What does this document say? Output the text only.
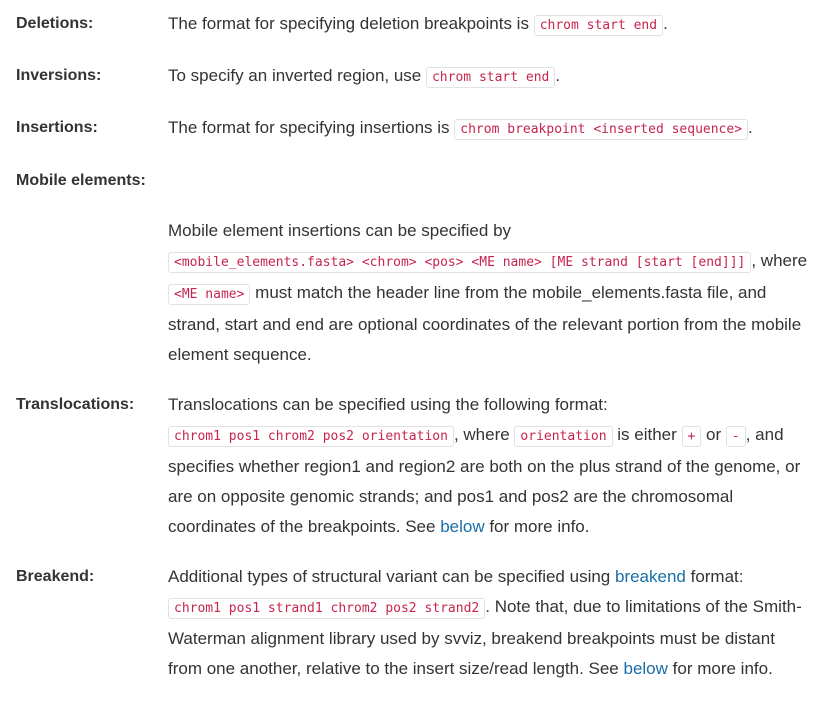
Deletions:	The format for specifying deletion breakpoints is chrom start end .
Inversions:	To specify an inverted region, use chrom start end .
Insertions:	The format for specifying insertions is chrom breakpoint <inserted sequence> .
Mobile elements:
Mobile element insertions can be specified by
<mobile_elements.fasta> <chrom> <pos> <ME name> [ME strand [start [end]]] , where <ME name> must match the header line from the mobile_elements.fasta file, and strand, start and end are optional coordinates of the relevant portion from the mobile element sequence.
Translocations: Translocations can be specified using the following format:
chrom1 pos1 chrom2 pos2 orientation , where orientation is either + or - , and specifies whether region1 and region2 are both on the plus strand of the genome, or are on opposite genomic strands; and pos1 and pos2 are the chromosomal coordinates of the breakpoints. See below for more info.
Breakend:	Additional types of structural variant can be specified using breakend format:
chrom1 pos1 strand1 chrom2 pos2 strand2 . Note that, due to limitations of the Smith-Waterman alignment library used by svviz, breakend breakpoints must be distant from one another, relative to the insert size/read length. See below for more info.
